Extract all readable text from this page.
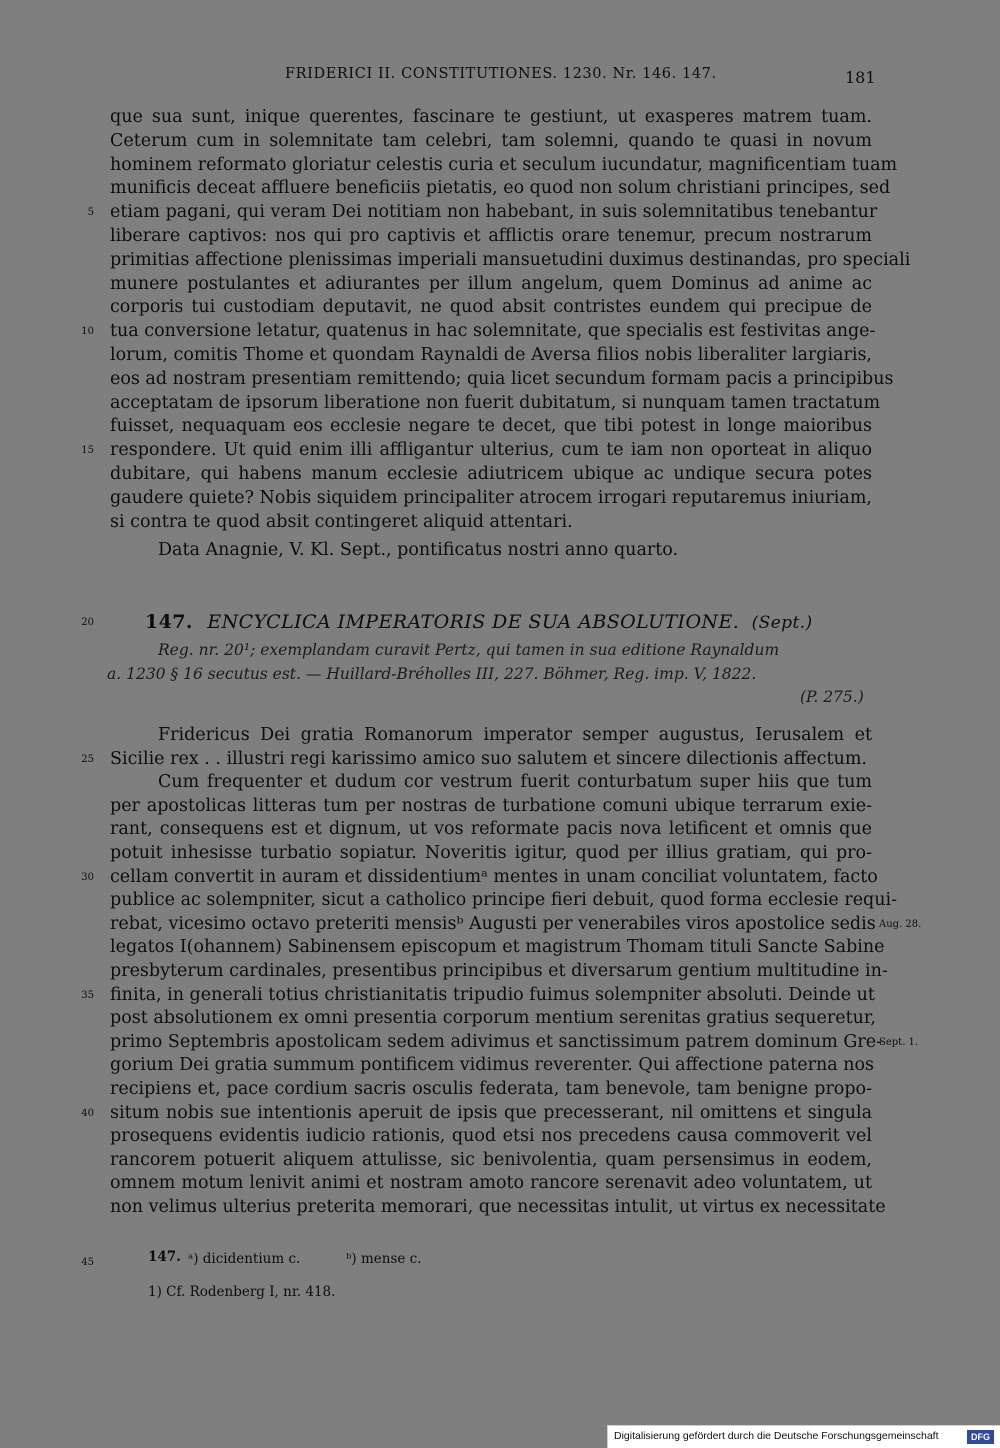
FRIDERICI II. CONSTITUTIONES. 1230. Nr. 146. 147.	181
que sua sunt, inique querentes, fascinare te gestiunt, ut exasperes matrem tuam.
Ceterum cum in solemnitate tam celebri, tam solemni, quando te quasi in novum
hominem reformato gloriatur celestis curia et seculum iucundatur, magnificentiam tuam
munificis deceat affluere beneficiis pietatis, eo quod non solum christiani principes, sed
etiam pagani, qui veram Dei notitiam non habebant, in suis solemnitatibus tenebantur
5
liberare captivos: nos qui pro captivis et afflictis orare tenemur, precum nostrarum
primitias affectione plenissimas imperiali mansuetudini duximus destinandas, pro speciali
munere postulantes et adiurantes per illum angelum, quem Dominus ad anime ac
corporis tui custodiam deputavit, ne quod absit contristes eundem qui precipue de
tua conversione letatur, quatenus in hac solemnitate, que specialis est festivitas ange-
10
lorum, comitis Thome et quondam Raynaldi de Aversa filios nobis liberaliter largiaris,
eos ad nostram presentiam remittendo; quia licet secundum formam pacis a principibus
acceptatam de ipsorum liberatione non fuerit dubitatum, si nunquam tamen tractatum
fuisset, nequaquam eos ecclesie negare te decet, que tibi potest in longe maioribus
respondere. Ut quid enim illi affligantur ulterius, cum te iam non oporteat in aliquo
15
dubitare, qui habens manum ecclesie adiutricem ubique ac undique secura potes
gaudere quiete? Nobis siquidem principaliter atrocem irrogari reputaremus iniuriam,
si contra te quod absit contingeret aliquid attentari.
Data Anagnie, V. Kl. Sept., pontificatus nostri anno quarto.
20	147. ENCYCLICA IMPERATORIS DE SUA ABSOLUTIONE. (Sept.)
Reg. nr. 20¹; exemplandam curavit Pertz, qui tamen in sua editione Raynaldum
a. 1230 § 16 secutus est. — Huillard-Bréholles III, 227. Böhmer, Reg. imp. V, 1822.
(P. 275.)
Fridericus Dei gratia Romanorum imperator semper augustus, Ierusalem et
Sicilie rex . . illustri regi karissimo amico suo salutem et sincere dilectionis affectum.
25
Cum frequenter et dudum cor vestrum fuerit conturbatum super hiis que tum
per apostolicas litteras tum per nostras de turbatione comuni ubique terrarum exie-
rant, consequens est et dignum, ut vos reformate pacis nova letificent et omnis que
potuit inhesisse turbatio sopiatur. Noveritis igitur, quod per illius gratiam, qui pro-
cellam convertit in auram et dissidentiumᵃ mentes in unam conciliat voluntatem, facto
30
publice ac solempniter, sicut a catholico principe fieri debuit, quod forma ecclesie requi-
rebat, vicesimo octavo preteriti mensisᵇ Augusti per venerabiles viros apostolice sedis Aug. 28.
legatos I(ohannem) Sabinensem episcopum et magistrum Thomam tituli Sancte Sabine
presbyterum cardinales, presentibus principibus et diversarum gentium multitudine in-
finita, in generali totius christianitatis tripudio fuimus solempniter absoluti. Deinde ut
35
post absolutionem ex omni presentia corporum mentium serenitas gratius sequeretur,
primo Septembris apostolicam sedem adivimus et sanctissimum patrem dominum Gre-
Sept. 1.
gorium Dei gratia summum pontificem vidimus reverenter. Qui affectione paterna nos
recipiens et, pace cordium sacris osculis federata, tam benevole, tam benigne propo-
situm nobis sue intentionis aperuit de ipsis que precesserant, nil omittens et singula
40
prosequens evidentis iudicio rationis, quod etsi nos precedens causa commoverit vel
rancorem potuerit aliquem attulisse, sic benivolentia, quam persensimus in eodem,
omnem motum lenivit animi et nostram amoto rancore serenavit adeo voluntatem, ut
non velimus ulterius preterita memorari, que necessitas intulit, ut virtus ex necessitate
45	147. ᵃ) dicidentium c.	ᵇ) mense c.
1) Cf. Rodenberg I, nr. 418.
Digitalisierung gefördert durch die Deutsche Forschungsgemeinschaft	DFG
